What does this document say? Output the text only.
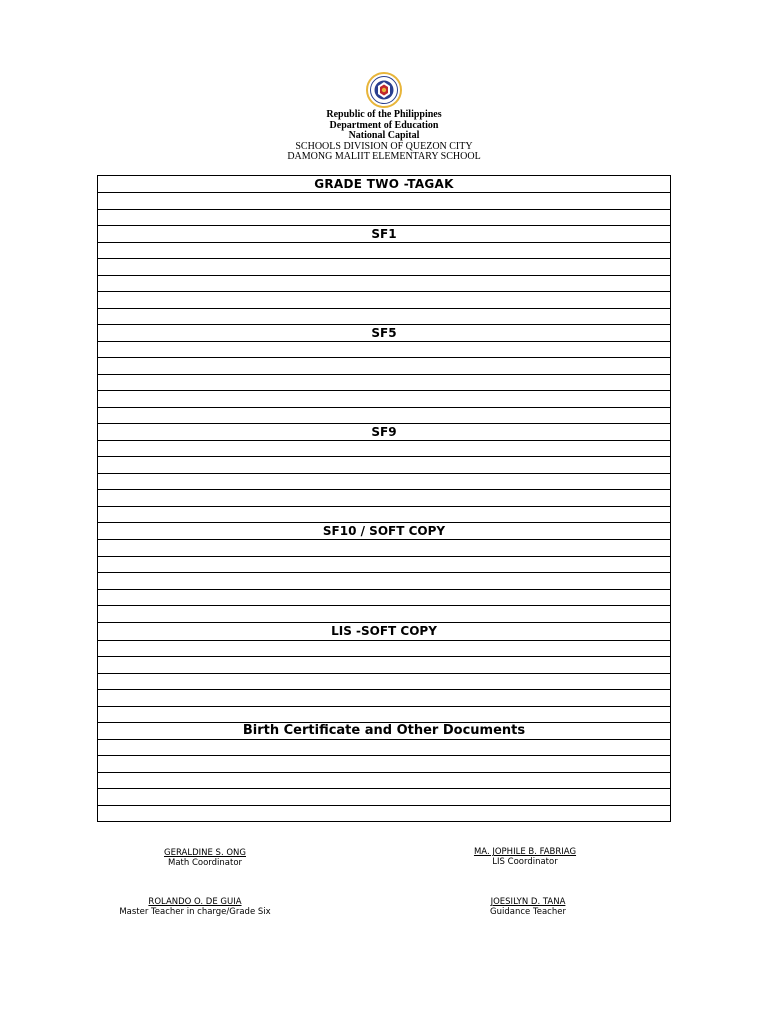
Republic of the Philippines
Department of Education
National Capital
SCHOOLS DIVISION OF QUEZON CITY
DAMONG MALIIT ELEMENTARY SCHOOL
GRADE TWO -TAGAK
SF1
SF5
SF9
SF10 / SOFT COPY
LIS -SOFT COPY
Birth Certificate and Other Documents
GERALDINE S. ONG
Math Coordinator
MA. JOPHILE B. FABRIAG
LIS Coordinator
ROLANDO O. DE GUIA
Master Teacher in charge/Grade Six
JOESILYN D. TANA
Guidance Teacher
